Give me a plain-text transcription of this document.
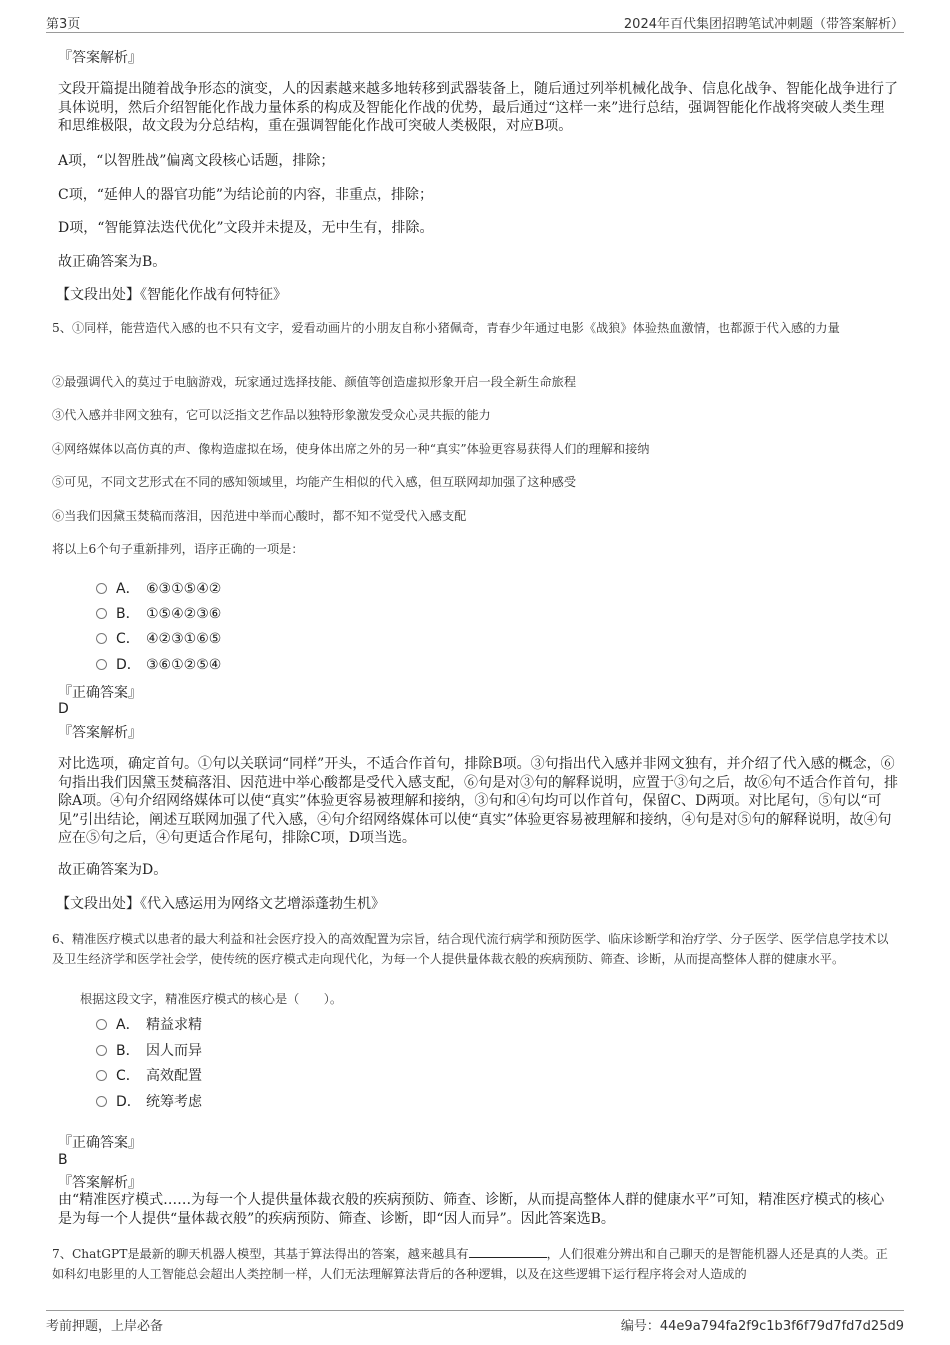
第3页	2024年百代集团招聘笔试冲刺题（带答案解析）
『答案解析』
文段开篇提出随着战争形态的演变，人的因素越来越多地转移到武器装备上，随后通过列举机械化战争、信息化战争、智能化战争进行了具体说明，然后介绍智能化作战力量体系的构成及智能化作战的优势，最后通过“这样一来”进行总结，强调智能化作战将突破人类生理和思维极限，故文段为分总结构，重在强调智能化作战可突破人类极限，对应B项。
A项，“以智胜战”偏离文段核心话题，排除；
C项，“延伸人的器官功能”为结论前的内容，非重点，排除；
D项，“智能算法迭代优化”文段并未提及，无中生有，排除。
故正确答案为B。
【文段出处】《智能化作战有何特征》
5、①同样，能营造代入感的也不只有文字，爱看动画片的小朋友自称小猪佩奇，青春少年通过电影《战狼》体验热血激情，也都源于代入感的力量
②最强调代入的莫过于电脑游戏，玩家通过选择技能、颜值等创造虚拟形象开启一段全新生命旅程
③代入感并非网文独有，它可以泛指文艺作品以独特形象激发受众心灵共振的能力
④网络媒体以高仿真的声、像构造虚拟在场，使身体出席之外的另一种“真实”体验更容易获得人们的理解和接纳
⑤可见，不同文艺形式在不同的感知领域里，均能产生相似的代入感，但互联网却加强了这种感受
⑥当我们因黛玉焚稿而落泪，因范进中举而心酸时，都不知不觉受代入感支配
将以上6个句子重新排列，语序正确的一项是：
A． ⑥③①⑤④②
B． ①⑤④②③⑥
C． ④②③①⑥⑤
D． ③⑥①②⑤④
『正确答案』
D
『答案解析』
对比选项，确定首句。①句以关联词“同样”开头，不适合作首句，排除B项。③句指出代入感并非网文独有，并介绍了代入感的概念，⑥句指出我们因黛玉焚稿落泪、因范进中举心酸都是受代入感支配，⑥句是对③句的解释说明，应置于③句之后，故⑥句不适合作首句，排除A项。④句介绍网络媒体可以使“真实”体验更容易被理解和接纳，③句和④句均可以作首句，保留C、D两项。对比尾句，⑤句以“可见”引出结论，阐述互联网加强了代入感，④句介绍网络媒体可以使“真实”体验更容易被理解和接纳，④句是对⑤句的解释说明，故④句应在⑤句之后，④句更适合作尾句，排除C项，D项当选。
故正确答案为D。
【文段出处】《代入感运用为网络文艺增添蓬勃生机》
6、精准医疗模式以患者的最大利益和社会医疗投入的高效配置为宗旨，结合现代流行病学和预防医学、临床诊断学和治疗学、分子医学、医学信息学技术以及卫生经济学和医学社会学，使传统的医疗模式走向现代化，为每一个人提供量体裁衣般的疾病预防、筛查、诊断，从而提高整体人群的健康水平。
根据这段文字，精准医疗模式的核心是（　　）。
A． 精益求精
B． 因人而异
C． 高效配置
D． 统筹考虑
『正确答案』
B
『答案解析』
由“精准医疗模式……为每一个人提供量体裁衣般的疾病预防、筛查、诊断，从而提高整体人群的健康水平”可知，精准医疗模式的核心是为每一个人提供“量体裁衣般”的疾病预防、筛查、诊断，即“因人而异”。因此答案选B。
7、ChatGPT是最新的聊天机器人模型，其基于算法得出的答案，越来越具有	，人们很难分辨出和自己聊天的是智能机器人还是真的人类。正如科幻电影里的人工智能总会超出人类控制一样，人们无法理解算法背后的各种逻辑，以及在这些逻辑下运行程序将会对人造成的
考前押题，上岸必备	编号：44e9a794fa2f9c1b3f6f79d7fd7d25d9
